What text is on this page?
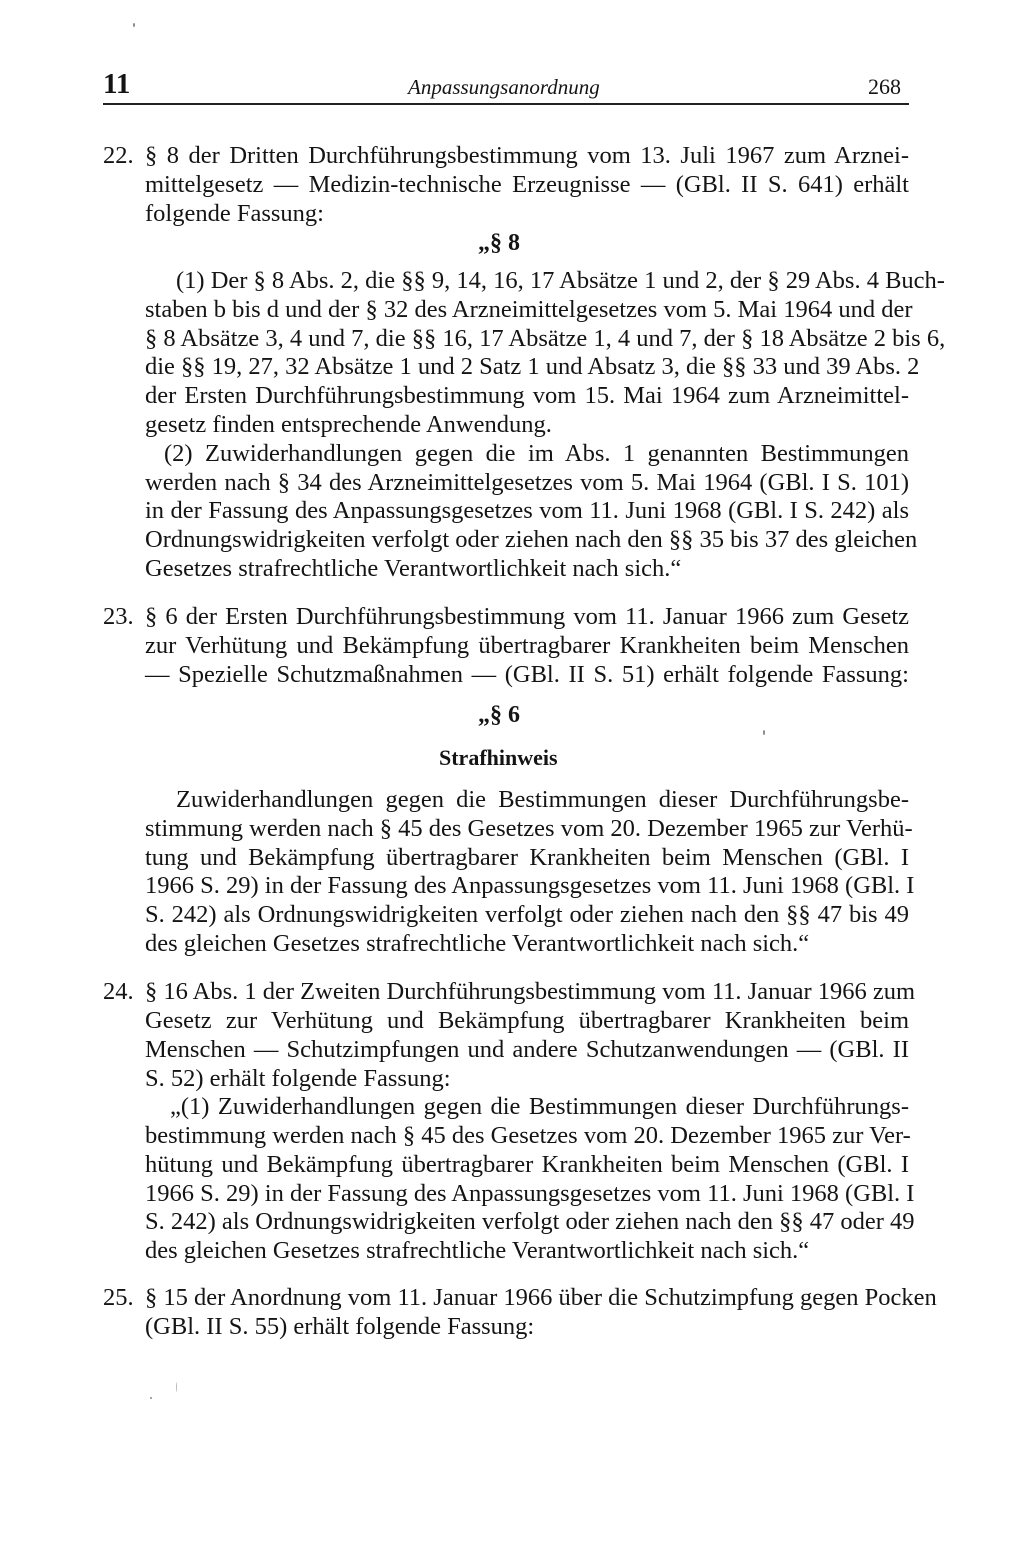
11	Anpassungsanordnung	268
22. § 8 der Dritten Durchführungsbestimmung vom 13. Juli 1967 zum Arznei-
mittelgesetz — Medizin-technische Erzeugnisse — (GBl. II S. 641) erhält
folgende Fassung:
„§ 8
(1) Der § 8 Abs. 2, die §§ 9, 14, 16, 17 Absätze 1 und 2, der § 29 Abs. 4 Buch-
staben b bis d und der § 32 des Arzneimittelgesetzes vom 5. Mai 1964 und der
§ 8 Absätze 3, 4 und 7, die §§ 16, 17 Absätze 1, 4 und 7, der § 18 Absätze 2 bis 6,
die §§ 19, 27, 32 Absätze 1 und 2 Satz 1 und Absatz 3, die §§ 33 und 39 Abs. 2
der Ersten Durchführungsbestimmung vom 15. Mai 1964 zum Arzneimittel-
gesetz finden entsprechende Anwendung.
(2) Zuwiderhandlungen gegen die im Abs. 1 genannten Bestimmungen
werden nach § 34 des Arzneimittelgesetzes vom 5. Mai 1964 (GBl. I S. 101)
in der Fassung des Anpassungsgesetzes vom 11. Juni 1968 (GBl. I S. 242) als
Ordnungswidrigkeiten verfolgt oder ziehen nach den §§ 35 bis 37 des gleichen
Gesetzes strafrechtliche Verantwortlichkeit nach sich.“
23. § 6 der Ersten Durchführungsbestimmung vom 11. Januar 1966 zum Gesetz
zur Verhütung und Bekämpfung übertragbarer Krankheiten beim Menschen
— Spezielle Schutzmaßnahmen — (GBl. II S. 51) erhält folgende Fassung:
„§ 6
Strafhinweis
Zuwiderhandlungen gegen die Bestimmungen dieser Durchführungsbe-
stimmung werden nach § 45 des Gesetzes vom 20. Dezember 1965 zur Verhü-
tung und Bekämpfung übertragbarer Krankheiten beim Menschen (GBl. I
1966 S. 29) in der Fassung des Anpassungsgesetzes vom 11. Juni 1968 (GBl. I
S. 242) als Ordnungswidrigkeiten verfolgt oder ziehen nach den §§ 47 bis 49
des gleichen Gesetzes strafrechtliche Verantwortlichkeit nach sich.“
24. § 16 Abs. 1 der Zweiten Durchführungsbestimmung vom 11. Januar 1966 zum
Gesetz zur Verhütung und Bekämpfung übertragbarer Krankheiten beim
Menschen — Schutzimpfungen und andere Schutzanwendungen — (GBl. II
S. 52) erhält folgende Fassung:
„(1) Zuwiderhandlungen gegen die Bestimmungen dieser Durchführungs-
bestimmung werden nach § 45 des Gesetzes vom 20. Dezember 1965 zur Ver-
hütung und Bekämpfung übertragbarer Krankheiten beim Menschen (GBl. I
1966 S. 29) in der Fassung des Anpassungsgesetzes vom 11. Juni 1968 (GBl. I
S. 242) als Ordnungswidrigkeiten verfolgt oder ziehen nach den §§ 47 oder 49
des gleichen Gesetzes strafrechtliche Verantwortlichkeit nach sich.“
25. § 15 der Anordnung vom 11. Januar 1966 über die Schutzimpfung gegen Pocken
(GBl. II S. 55) erhält folgende Fassung:
